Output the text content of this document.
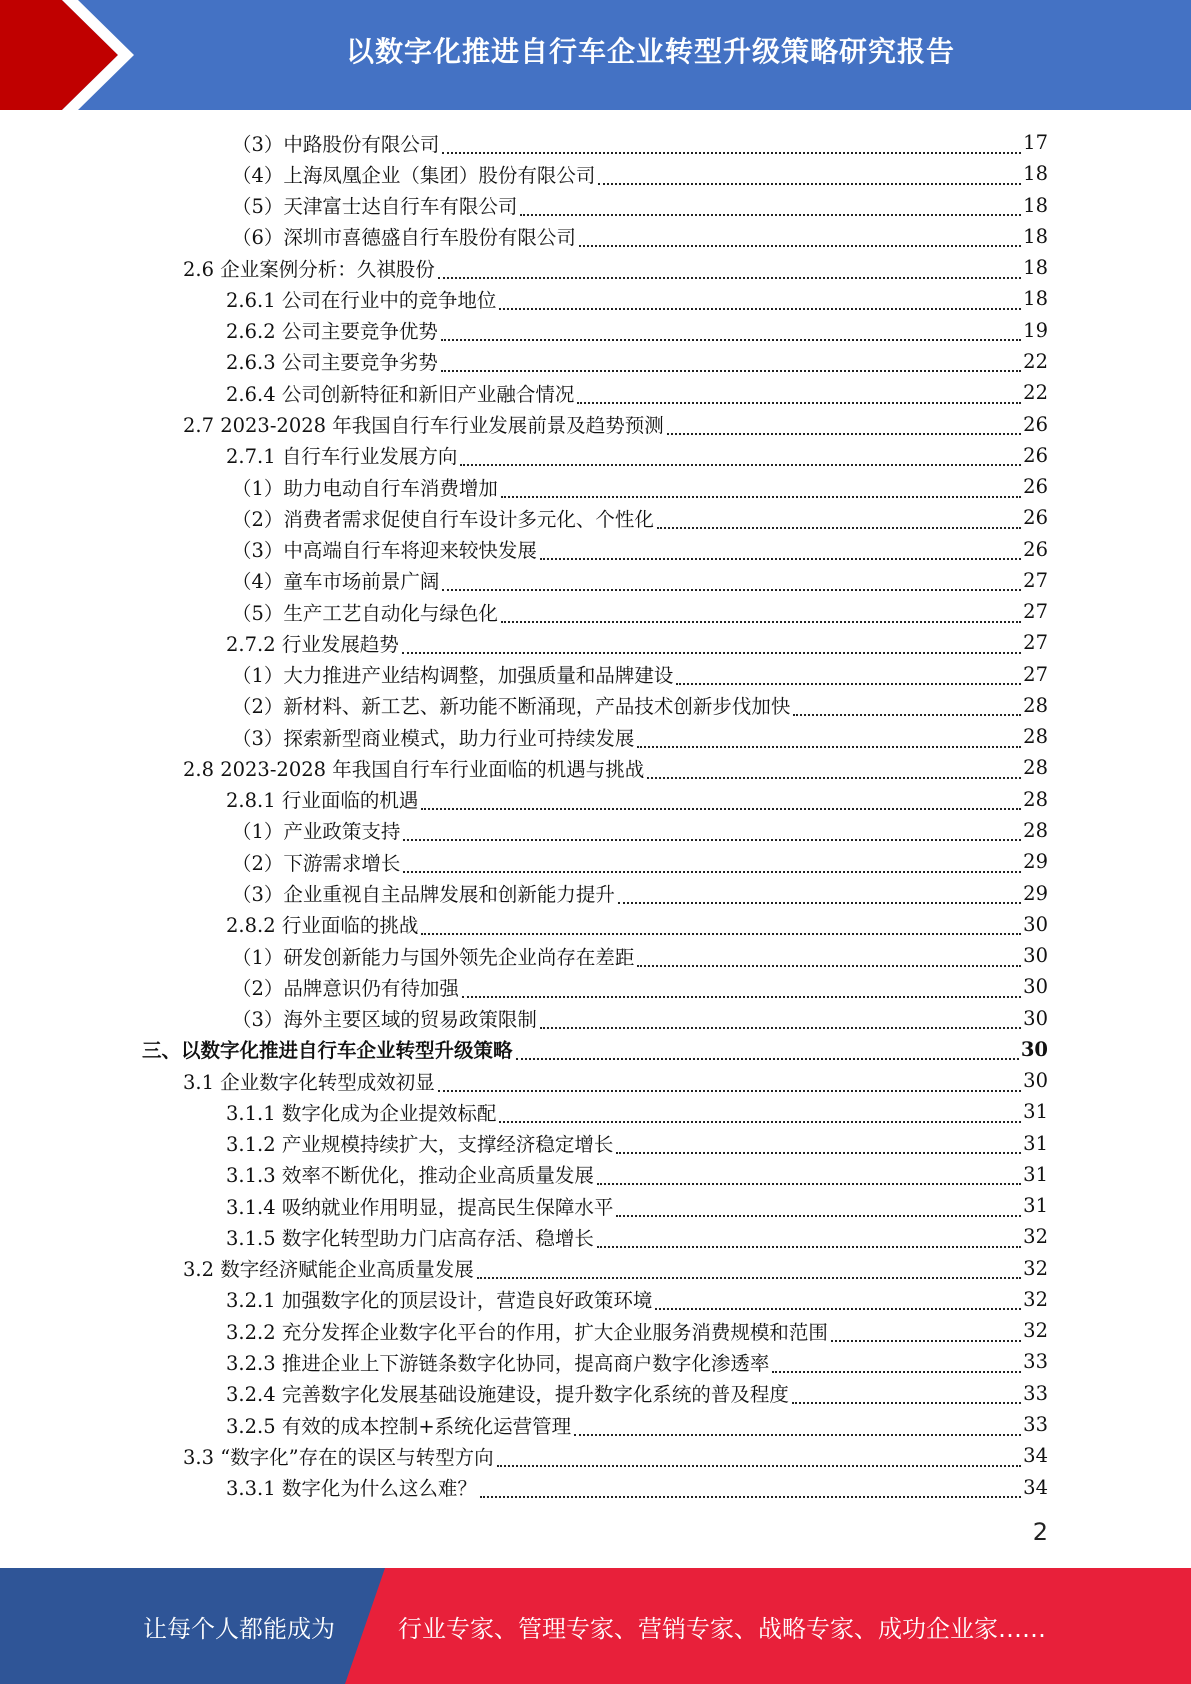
以数字化推进自行车企业转型升级策略研究报告
（3）中路股份有限公司	17
（4）上海凤凰企业（集团）股份有限公司	18
（5）天津富士达自行车有限公司	18
（6）深圳市喜德盛自行车股份有限公司	18
2.6 企业案例分析：久祺股份	18
2.6.1 公司在行业中的竞争地位	18
2.6.2 公司主要竞争优势	19
2.6.3 公司主要竞争劣势	22
2.6.4 公司创新特征和新旧产业融合情况	22
2.7 2023-2028 年我国自行车行业发展前景及趋势预测	26
2.7.1 自行车行业发展方向	26
（1）助力电动自行车消费增加	26
（2）消费者需求促使自行车设计多元化、个性化	26
（3）中高端自行车将迎来较快发展	26
（4）童车市场前景广阔	27
（5）生产工艺自动化与绿色化	27
2.7.2 行业发展趋势	27
（1）大力推进产业结构调整，加强质量和品牌建设	27
（2）新材料、新工艺、新功能不断涌现，产品技术创新步伐加快	28
（3）探索新型商业模式，助力行业可持续发展	28
2.8 2023-2028 年我国自行车行业面临的机遇与挑战	28
2.8.1 行业面临的机遇	28
（1）产业政策支持	28
（2）下游需求增长	29
（3）企业重视自主品牌发展和创新能力提升	29
2.8.2 行业面临的挑战	30
（1）研发创新能力与国外领先企业尚存在差距	30
（2）品牌意识仍有待加强	30
（3）海外主要区域的贸易政策限制	30
三、以数字化推进自行车企业转型升级策略	30
3.1 企业数字化转型成效初显	30
3.1.1 数字化成为企业提效标配	31
3.1.2 产业规模持续扩大，支撑经济稳定增长	31
3.1.3 效率不断优化，推动企业高质量发展	31
3.1.4 吸纳就业作用明显，提高民生保障水平	31
3.1.5 数字化转型助力门店高存活、稳增长	32
3.2 数字经济赋能企业高质量发展	32
3.2.1 加强数字化的顶层设计，营造良好政策环境	32
3.2.2 充分发挥企业数字化平台的作用，扩大企业服务消费规模和范围	32
3.2.3 推进企业上下游链条数字化协同，提高商户数字化渗透率	33
3.2.4 完善数字化发展基础设施建设，提升数字化系统的普及程度	33
3.2.5 有效的成本控制+系统化运营管理	33
3.3 “数字化”存在的误区与转型方向	34
3.3.1 数字化为什么这么难？	34
2
让每个人都能成为	行业专家、管理专家、营销专家、战略专家、成功企业家……
